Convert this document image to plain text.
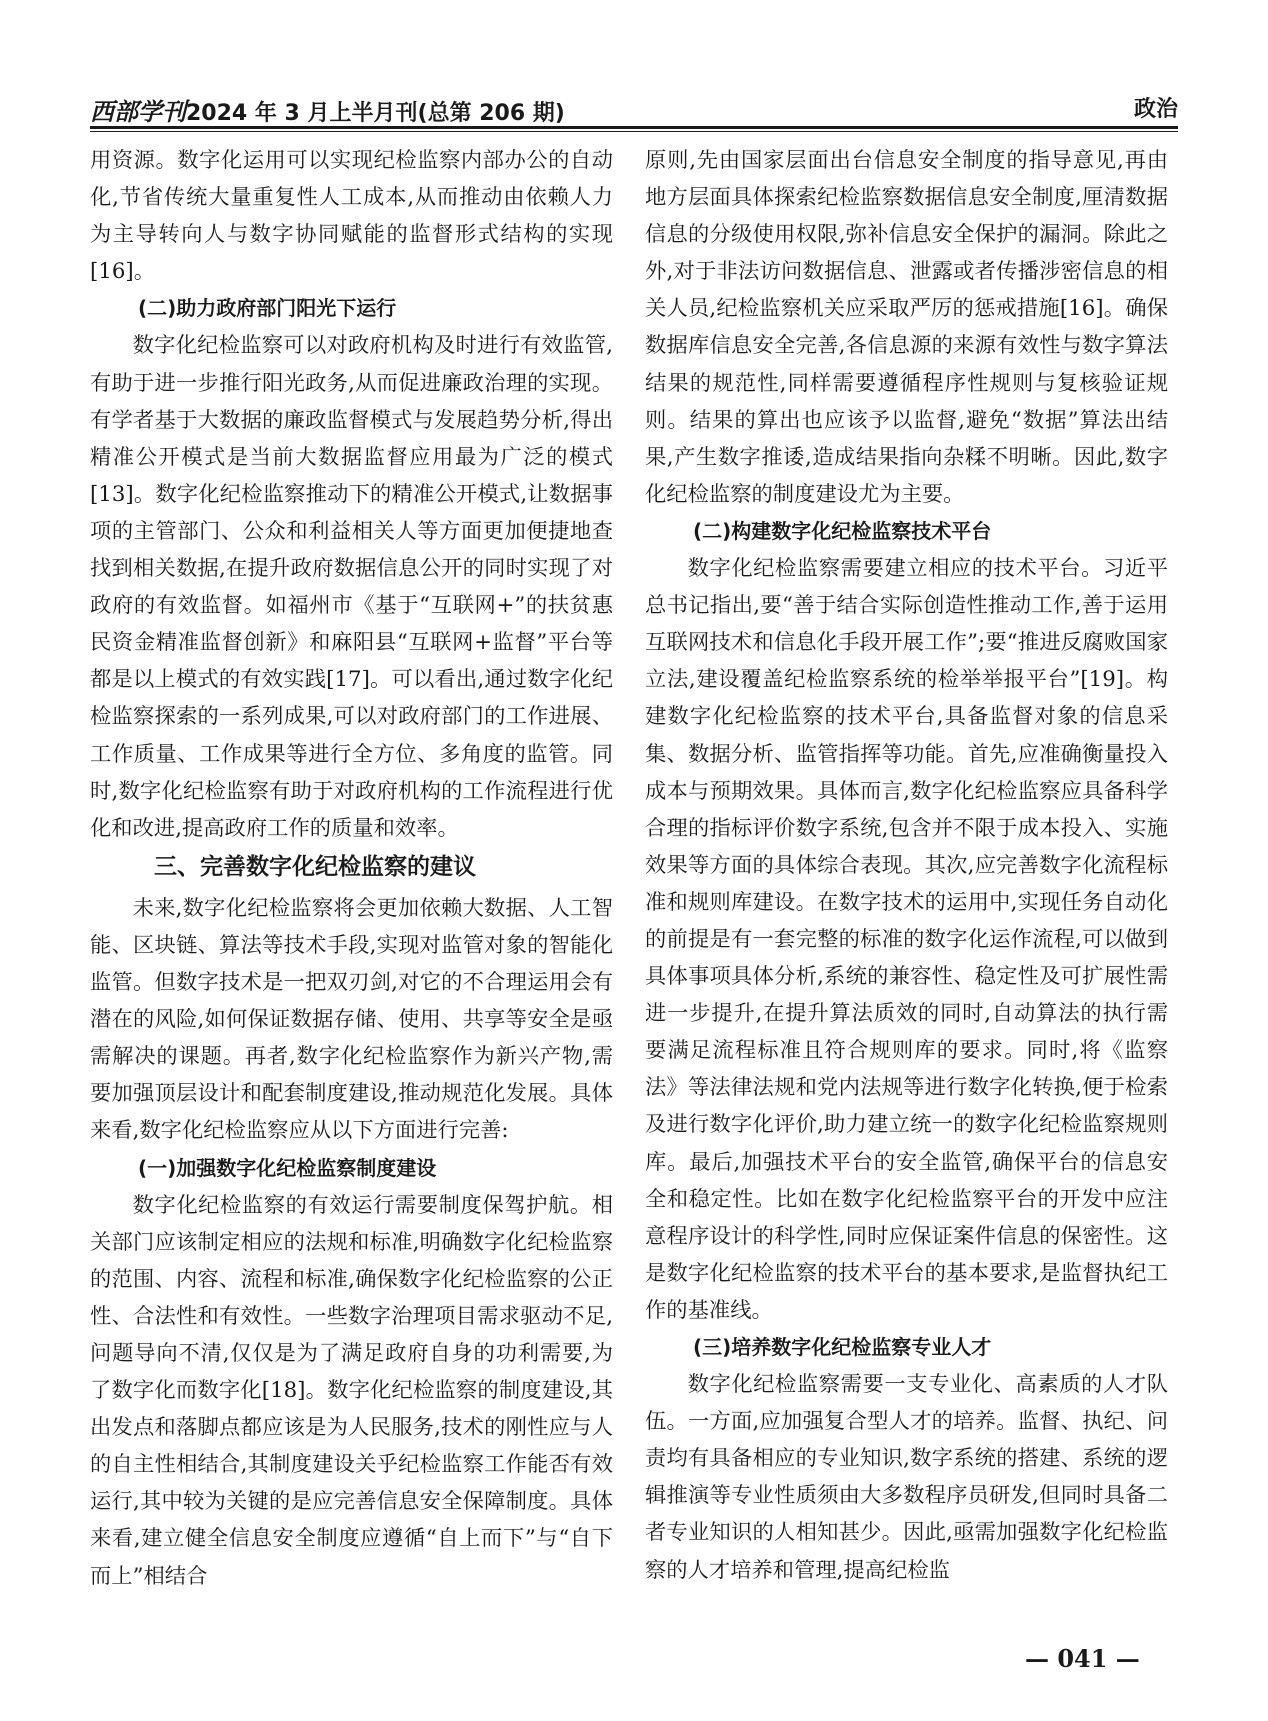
西部学刊2024 年 3 月上半月刊(总第 206 期)	政治

用资源。数字化运用可以实现纪检监察内部办公的自动化,节省传统大量重复性人工成本,从而推动由依赖人力为主导转向人与数字协同赋能的监督形式结构的实现[16]。

(二)助力政府部门阳光下运行

数字化纪检监察可以对政府机构及时进行有效监管,有助于进一步推行阳光政务,从而促进廉政治理的实现。有学者基于大数据的廉政监督模式与发展趋势分析,得出精准公开模式是当前大数据监督应用最为广泛的模式[13]。数字化纪检监察推动下的精准公开模式,让数据事项的主管部门、公众和利益相关人等方面更加便捷地查找到相关数据,在提升政府数据信息公开的同时实现了对政府的有效监督。如福州市《基于“互联网+”的扶贫惠民资金精准监督创新》和麻阳县“互联网+监督”平台等都是以上模式的有效实践[17]。可以看出,通过数字化纪检监察探索的一系列成果,可以对政府部门的工作进展、工作质量、工作成果等进行全方位、多角度的监管。同时,数字化纪检监察有助于对政府机构的工作流程进行优化和改进,提高政府工作的质量和效率。

三、完善数字化纪检监察的建议

未来,数字化纪检监察将会更加依赖大数据、人工智能、区块链、算法等技术手段,实现对监管对象的智能化监管。但数字技术是一把双刃剑,对它的不合理运用会有潜在的风险,如何保证数据存储、使用、共享等安全是亟需解决的课题。再者,数字化纪检监察作为新兴产物,需要加强顶层设计和配套制度建设,推动规范化发展。具体来看,数字化纪检监察应从以下方面进行完善:

(一)加强数字化纪检监察制度建设

数字化纪检监察的有效运行需要制度保驾护航。相关部门应该制定相应的法规和标准,明确数字化纪检监察的范围、内容、流程和标准,确保数字化纪检监察的公正性、合法性和有效性。一些数字治理项目需求驱动不足,问题导向不清,仅仅是为了满足政府自身的功利需要,为了数字化而数字化[18]。数字化纪检监察的制度建设,其出发点和落脚点都应该是为人民服务,技术的刚性应与人的自主性相结合,其制度建设关乎纪检监察工作能否有效运行,其中较为关键的是应完善信息安全保障制度。具体来看,建立健全信息安全制度应遵循“自上而下”与“自下而上”相结合

原则,先由国家层面出台信息安全制度的指导意见,再由地方层面具体探索纪检监察数据信息安全制度,厘清数据信息的分级使用权限,弥补信息安全保护的漏洞。除此之外,对于非法访问数据信息、泄露或者传播涉密信息的相关人员,纪检监察机关应采取严厉的惩戒措施[16]。确保数据库信息安全完善,各信息源的来源有效性与数字算法结果的规范性,同样需要遵循程序性规则与复核验证规则。结果的算出也应该予以监督,避免“数据”算法出结果,产生数字推诿,造成结果指向杂糅不明晰。因此,数字化纪检监察的制度建设尤为主要。

(二)构建数字化纪检监察技术平台

数字化纪检监察需要建立相应的技术平台。习近平总书记指出,要“善于结合实际创造性推动工作,善于运用互联网技术和信息化手段开展工作”;要“推进反腐败国家立法,建设覆盖纪检监察系统的检举举报平台”[19]。构建数字化纪检监察的技术平台,具备监督对象的信息采集、数据分析、监管指挥等功能。首先,应准确衡量投入成本与预期效果。具体而言,数字化纪检监察应具备科学合理的指标评价数字系统,包含并不限于成本投入、实施效果等方面的具体综合表现。其次,应完善数字化流程标准和规则库建设。在数字技术的运用中,实现任务自动化的前提是有一套完整的标准的数字化运作流程,可以做到具体事项具体分析,系统的兼容性、稳定性及可扩展性需进一步提升,在提升算法质效的同时,自动算法的执行需要满足流程标准且符合规则库的要求。同时,将《监察法》等法律法规和党内法规等进行数字化转换,便于检索及进行数字化评价,助力建立统一的数字化纪检监察规则库。最后,加强技术平台的安全监管,确保平台的信息安全和稳定性。比如在数字化纪检监察平台的开发中应注意程序设计的科学性,同时应保证案件信息的保密性。这是数字化纪检监察的技术平台的基本要求,是监督执纪工作的基准线。

(三)培养数字化纪检监察专业人才

数字化纪检监察需要一支专业化、高素质的人才队伍。一方面,应加强复合型人才的培养。监督、执纪、问责均有具备相应的专业知识,数字系统的搭建、系统的逻辑推演等专业性质须由大多数程序员研发,但同时具备二者专业知识的人相知甚少。因此,亟需加强数字化纪检监察的人才培养和管理,提高纪检监

— 041 —
